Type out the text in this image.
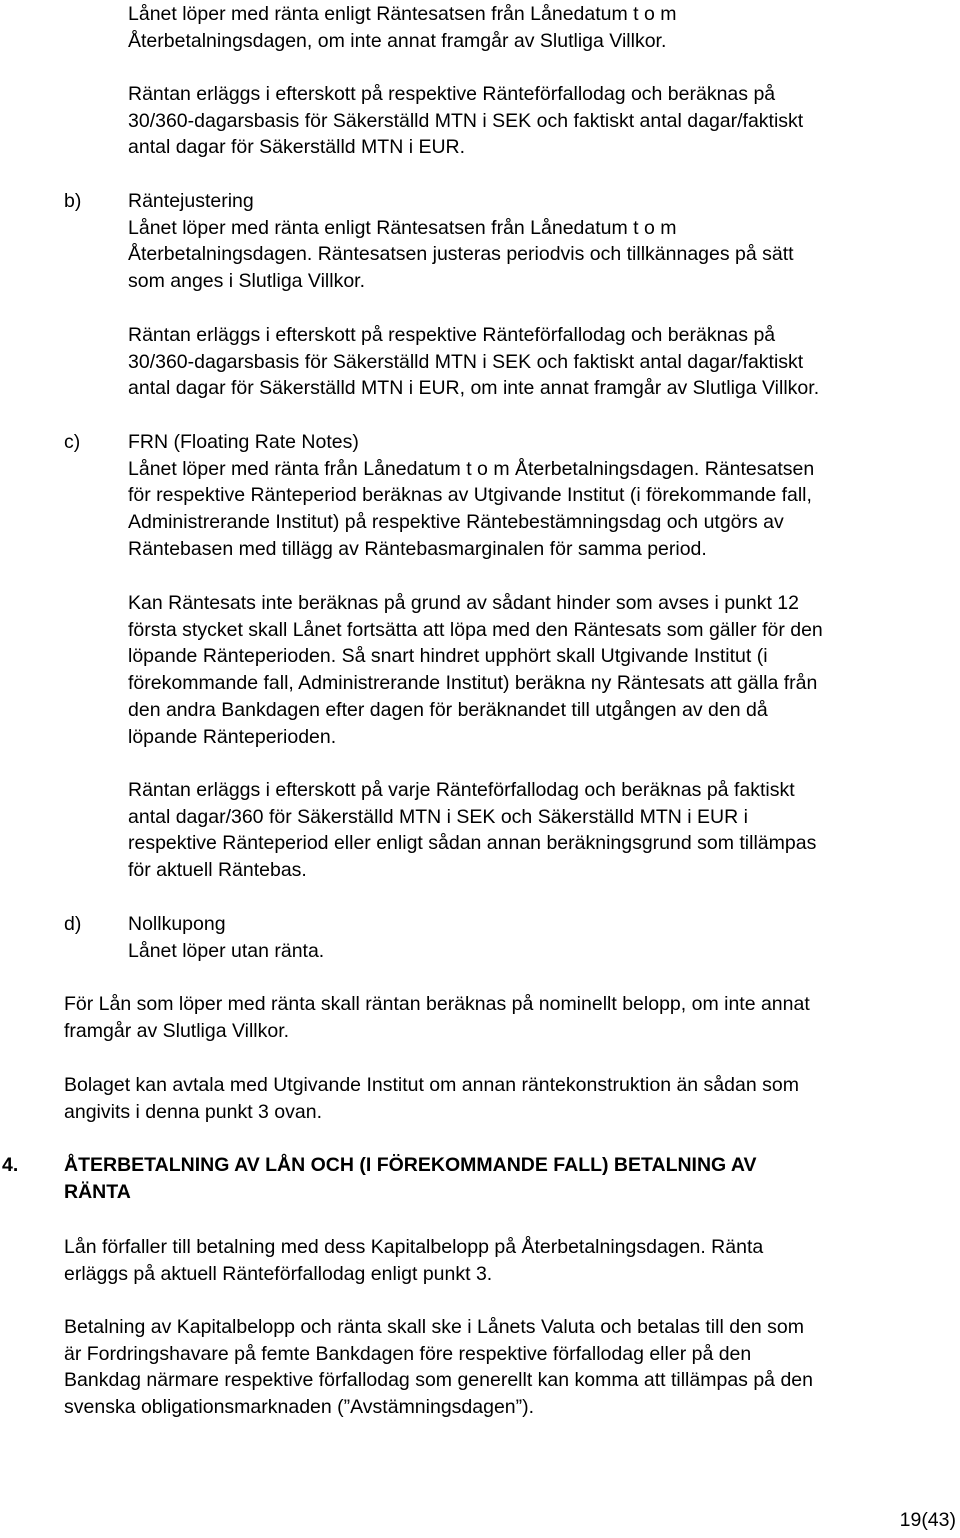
Lånet löper med ränta enligt Räntesatsen från Lånedatum t o m
Återbetalningsdagen, om inte annat framgår av Slutliga Villkor.
Räntan erläggs i efterskott på respektive Ränteförfallodag och beräknas på
30/360-dagarsbasis för Säkerställd MTN i SEK och faktiskt antal dagar/faktiskt
antal dagar för Säkerställd MTN i EUR.
b) Räntejustering
Lånet löper med ränta enligt Räntesatsen från Lånedatum t o m
Återbetalningsdagen. Räntesatsen justeras periodvis och tillkännages på sätt
som anges i Slutliga Villkor.
Räntan erläggs i efterskott på respektive Ränteförfallodag och beräknas på
30/360-dagarsbasis för Säkerställd MTN i SEK och faktiskt antal dagar/faktiskt
antal dagar för Säkerställd MTN i EUR, om inte annat framgår av Slutliga Villkor.
c) FRN (Floating Rate Notes)
Lånet löper med ränta från Lånedatum t o m Återbetalningsdagen. Räntesatsen
för respektive Ränteperiod beräknas av Utgivande Institut (i förekommande fall,
Administrerande Institut) på respektive Räntebestämningsdag och utgörs av
Räntebasen med tillägg av Räntebasmarginalen för samma period.
Kan Räntesats inte beräknas på grund av sådant hinder som avses i punkt 12
första stycket skall Lånet fortsätta att löpa med den Räntesats som gäller för den
löpande Ränteperioden. Så snart hindret upphört skall Utgivande Institut (i
förekommande fall, Administrerande Institut) beräkna ny Räntesats att gälla från
den andra Bankdagen efter dagen för beräknandet till utgången av den då
löpande Ränteperioden.
Räntan erläggs i efterskott på varje Ränteförfallodag och beräknas på faktiskt
antal dagar/360 för Säkerställd MTN i SEK och Säkerställd MTN i EUR i
respektive Ränteperiod eller enligt sådan annan beräkningsgrund som tillämpas
för aktuell Räntebas.
d) Nollkupong
Lånet löper utan ränta.
För Lån som löper med ränta skall räntan beräknas på nominellt belopp, om inte annat
framgår av Slutliga Villkor.
Bolaget kan avtala med Utgivande Institut om annan räntekonstruktion än sådan som
angivits i denna punkt 3 ovan.
4. ÅTERBETALNING AV LÅN OCH (I FÖREKOMMANDE FALL) BETALNING AV
RÄNTA
Lån förfaller till betalning med dess Kapitalbelopp på Återbetalningsdagen. Ränta
erläggs på aktuell Ränteförfallodag enligt punkt 3.
Betalning av Kapitalbelopp och ränta skall ske i Lånets Valuta och betalas till den som
är Fordringshavare på femte Bankdagen före respektive förfallodag eller på den
Bankdag närmare respektive förfallodag som generellt kan komma att tillämpas på den
svenska obligationsmarknaden (”Avstämningsdagen”).
19(43)
